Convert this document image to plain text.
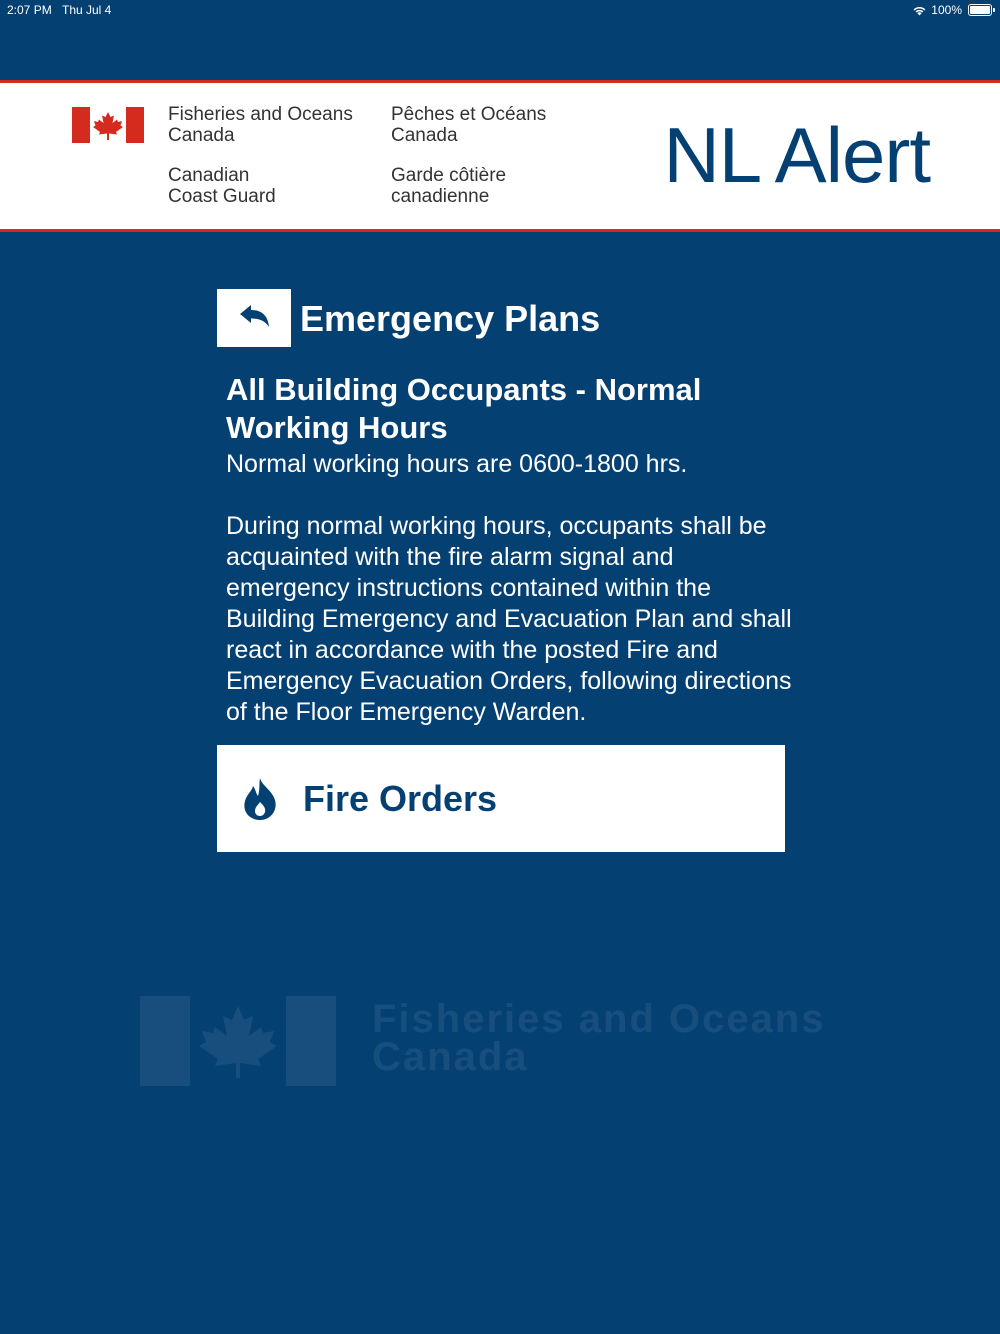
2:07 PM Thu Jul 4	100%
Fisheries and Oceans
Canada
Pêches et Océans
Canada
Canadian
Coast Guard
Garde côtière
canadienne NL Alert
Emergency Plans
All Building Occupants - Normal Working Hours

Normal working hours are 0600-1800 hrs.

During normal working hours, occupants shall be acquainted with the fire alarm signal and emergency instructions contained within the Building Emergency and Evacuation Plan and shall react in accordance with the posted Fire and Emergency Evacuation Orders, following directions of the Floor Emergency Warden.

Fire Orders
Fisheries and Oceans
Canada
